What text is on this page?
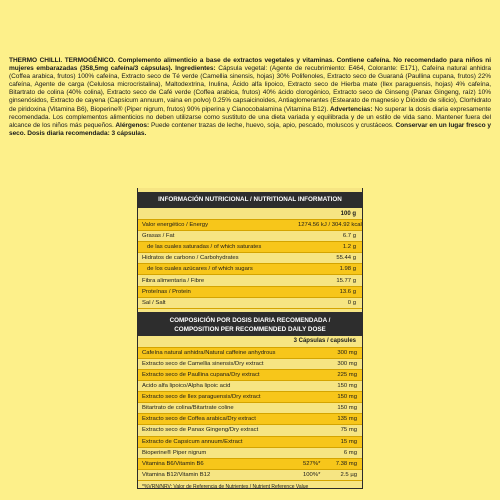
THERMO CHILLI. TERMOGÉNICO. Complemento alimenticio a base de extractos vegetales y vitaminas. Contiene cafeína. No recomendado para niños ni mujeres embarazadas (358,5mg cafeína/3 cápsulas). Ingredientes: Cápsula vegetal: (Agente de recubrimiento: E464, Colorante: E171), Cafeína natural anhidra (Coffea arabica, frutos) 100% cafeína, Extracto seco de Té verde (Camellia sinensis, hojas) 30% Polifenoles, Extracto seco de Guaraná (Paullina cupana, frutos) 22% cafeína, Agente de carga (Celulosa microcristalina), Maltodextrina, Inulina, Ácido alfa lipoico, Extracto seco de Hierba mate (Ilex paraguensis, hojas) 4% cafeína, Bitartrato de colina (40% colina), Extracto seco de Café verde (Coffea arabica, frutos) 40% ácido clorogénico, Extracto seco de Ginseng (Panax Gingeng, raíz) 10% ginsenósidos, Extracto de cayena (Capsicum annuum, vaina en polvo) 0.25% capsaicinoides, Antiaglomerantes (Estearato de magnesio y Dióxido de silicio), Clorhidrato de piridoxina (Vitamina B6), Bioperine® (Piper nigrum, frutos) 90% piperina y Cianocobalamina (Vitamina B12). Advertencias: No superar la dosis diaria expresamente recomendada. Los complementos alimenticios no deben utilizarse como sustituto de una dieta variada y equilibrada y de un estilo de vida sano. Mantener fuera del alcance de los niños más pequeños. Alérgenos: Puede contener trazas de leche, huevo, soja, apio, pescado, moluscos y crustáceos. Conservar en un lugar fresco y seco. Dosis diaria recomendada: 3 cápsulas.
INFORMACIÓN NUTRICIONAL / NUTRITIONAL INFORMATION
100 g
Valor energético / Energy	1274.56 kJ / 304.92 kcal
Grasas / Fat	6.7 g
de las cuales saturadas / of which saturates	1.2 g
Hidratos de carbono / Carbohydrates	55.44 g
de los cuales azúcares / of which sugars	1.98 g
Fibra alimentaria / Fibre	15.77 g
Proteínas / Protein	13.6 g
Sal / Salt	0 g
COMPOSICIÓN POR DOSIS DIARIA RECOMENDADA /
COMPOSITION PER RECOMMENDED DAILY DOSE
3 Cápsulas / capsules
Cafeína natural anhidra/Natural caffeine anhydrous	300 mg
Extracto seco de Camellia sinensis/Dry extract	300 mg
Extracto seco de Paullina cupana/Dry extract	225 mg
Ácido alfa lipoico/Alpha lipoic acid	150 mg
Extracto seco de Ilex paraguensis/Dry extract	150 mg
Bitartrato de colina/Bitartrate coline	150 mg
Extracto seco de Coffea arabica/Dry extract	135 mg
Extracto seco de Panax Gingeng/Dry extract	75 mg
Extracto de Capsicum annuum/Extract	15 mg
Bioperine® Piper nigrum	6 mg
Vitamina B6/Vitamin B6	527%*	7.38 mg
Vitamina B12/Vitamin B12	100%*	2.5 µg
*%VRN/NRV: Valor de Referencia de Nutrientes / Nutrient Reference Value
